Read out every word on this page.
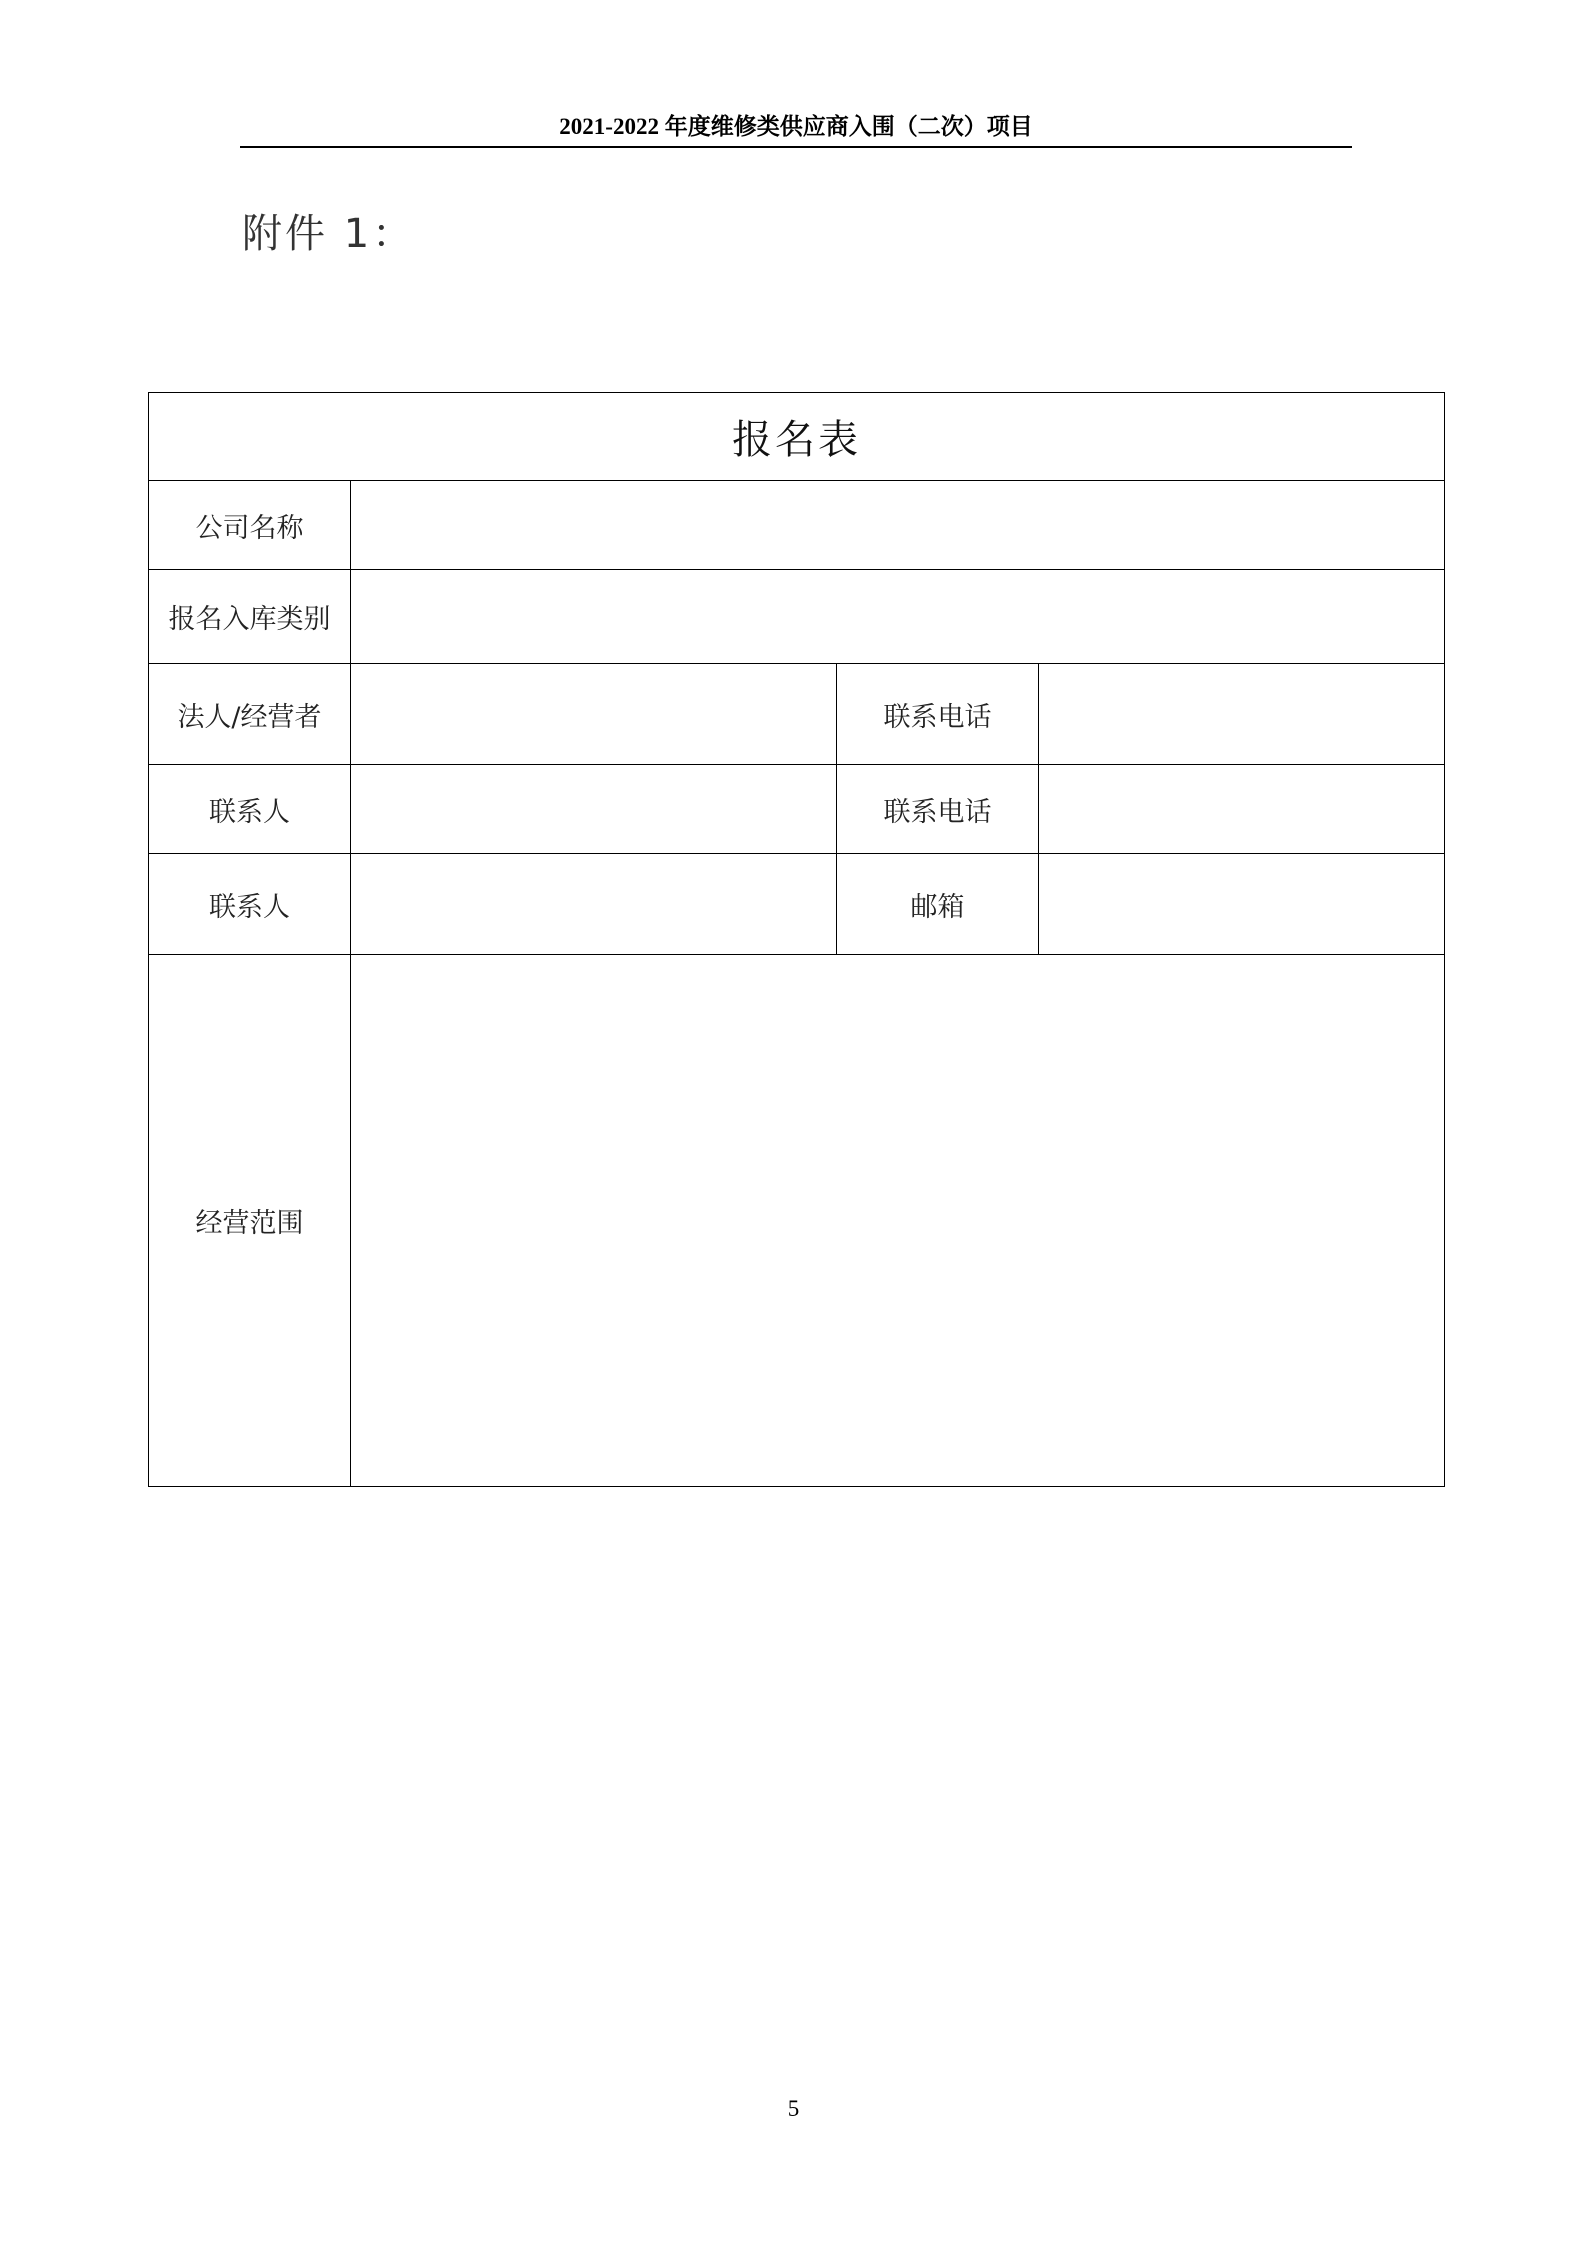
2021-2022 年度维修类供应商入围（二次）项目
附件 1：
报名表			
公司名称			
报名入库类别			
法人/经营者		联系电话	
联系人		联系电话	
联系人		邮箱	
经营范围			
5
